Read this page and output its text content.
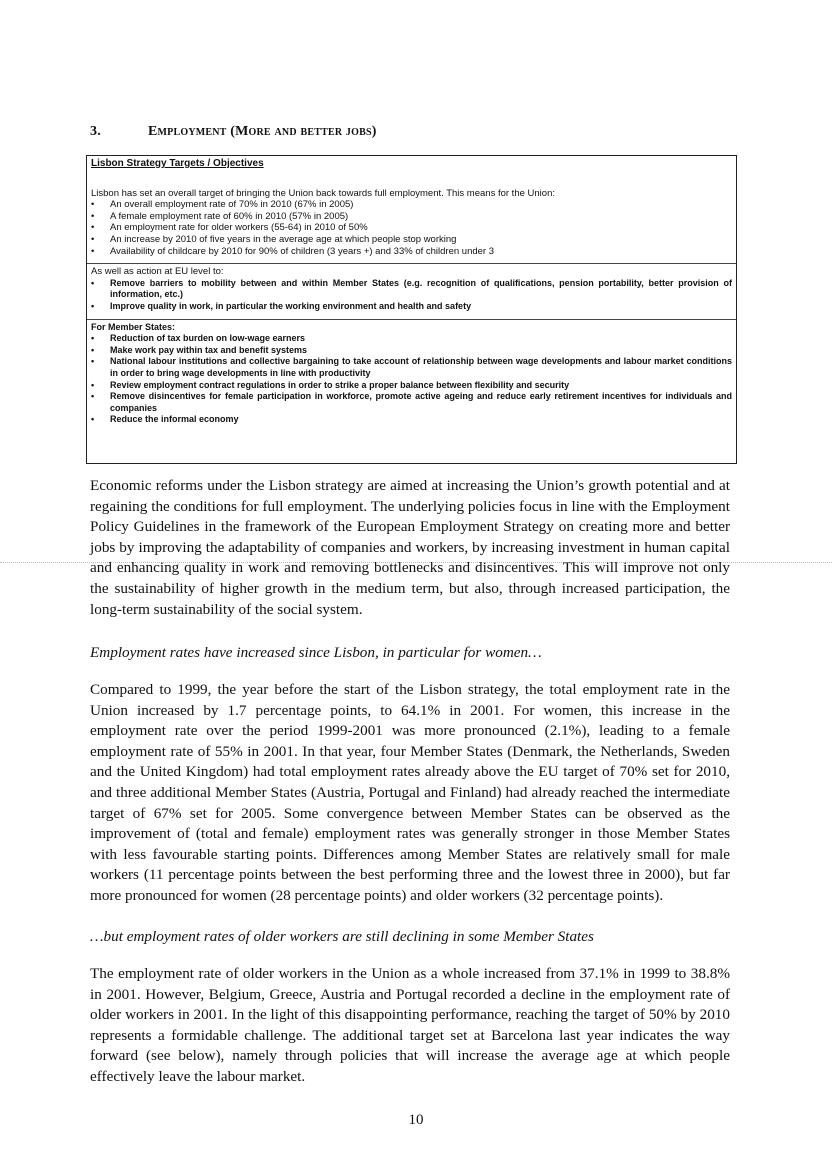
3.	Employment (More and better jobs)
Lisbon Strategy Targets / Objectives
Lisbon has set an overall target of bringing the Union back towards full employment. This means for the Union:
• An overall employment rate of 70% in 2010 (67% in 2005)
• A female employment rate of 60% in 2010 (57% in 2005)
• An employment rate for older workers (55-64) in 2010 of 50%
• An increase by 2010 of five years in the average age at which people stop working
• Availability of childcare by 2010 for 90% of children (3 years +) and 33% of children under 3
As well as action at EU level to:
• Remove barriers to mobility between and within Member States (e.g. recognition of qualifications, pension portability, better provision of information, etc.)
• Improve quality in work, in particular the working environment and health and safety
For Member States:
• Reduction of tax burden on low-wage earners
• Make work pay within tax and benefit systems
• National labour institutions and collective bargaining to take account of relationship between wage developments and labour market conditions in order to bring wage developments in line with productivity
• Review employment contract regulations in order to strike a proper balance between flexibility and security
• Remove disincentives for female participation in workforce, promote active ageing and reduce early retirement incentives for individuals and companies
• Reduce the informal economy
Economic reforms under the Lisbon strategy are aimed at increasing the Union’s growth potential and at regaining the conditions for full employment. The underlying policies focus in line with the Employment Policy Guidelines in the framework of the European Employment Strategy on creating more and better jobs by improving the adaptability of companies and workers, by increasing investment in human capital and enhancing quality in work and removing bottlenecks and disincentives. This will improve not only the sustainability of higher growth in the medium term, but also, through increased participation, the long-term sustainability of the social system.
Employment rates have increased since Lisbon, in particular for women…
Compared to 1999, the year before the start of the Lisbon strategy, the total employment rate in the Union increased by 1.7 percentage points, to 64.1% in 2001. For women, this increase in the employment rate over the period 1999-2001 was more pronounced (2.1%), leading to a female employment rate of 55% in 2001. In that year, four Member States (Denmark, the Netherlands, Sweden and the United Kingdom) had total employment rates already above the EU target of 70% set for 2010, and three additional Member States (Austria, Portugal and Finland) had already reached the intermediate target of 67% set for 2005. Some convergence between Member States can be observed as the improvement of (total and female) employment rates was generally stronger in those Member States with less favourable starting points. Differences among Member States are relatively small for male workers (11 percentage points between the best performing three and the lowest three in 2000), but far more pronounced for women (28 percentage points) and older workers (32 percentage points).
…but employment rates of older workers are still declining in some Member States
The employment rate of older workers in the Union as a whole increased from 37.1% in 1999 to 38.8% in 2001. However, Belgium, Greece, Austria and Portugal recorded a decline in the employment rate of older workers in 2001. In the light of this disappointing performance, reaching the target of 50% by 2010 represents a formidable challenge. The additional target set at Barcelona last year indicates the way forward (see below), namely through policies that will increase the average age at which people effectively leave the labour market.
10
